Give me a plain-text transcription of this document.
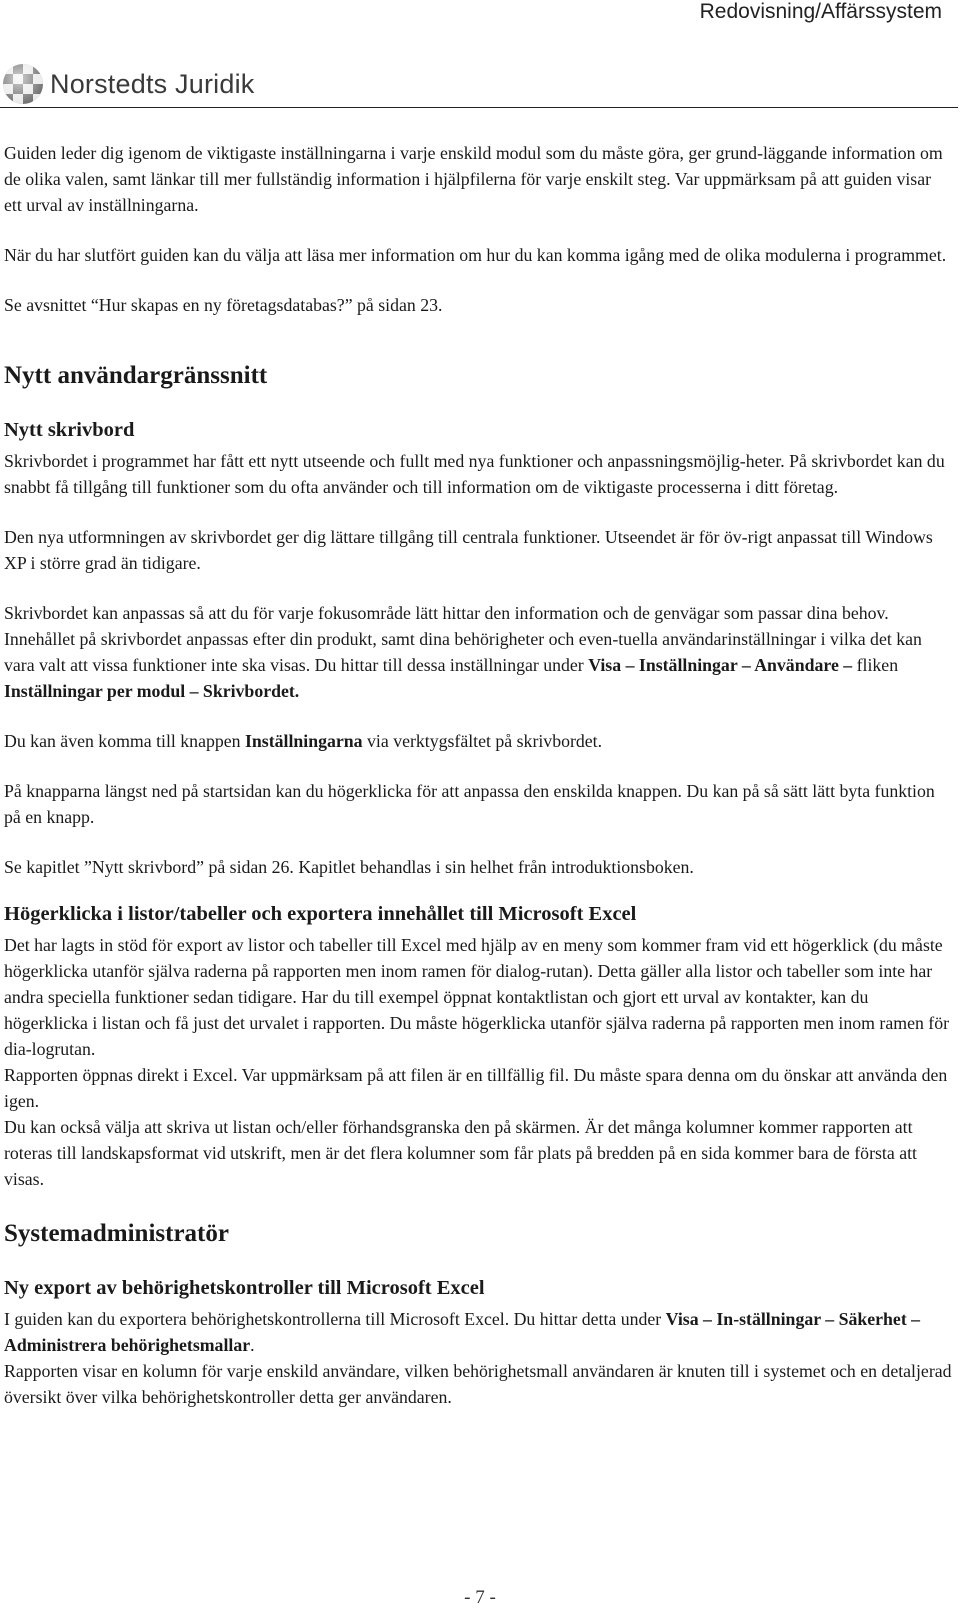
Redovisning/Affärssystem
Norstedts Juridik

Guiden leder dig igenom de viktigaste inställningarna i varje enskild modul som du måste göra, ger grund-läggande information om de olika valen, samt länkar till mer fullständig information i hjälpfilerna för varje enskilt steg. Var uppmärksam på att guiden visar ett urval av inställningarna.

När du har slutfört guiden kan du välja att läsa mer information om hur du kan komma igång med de olika modulerna i programmet.

Se avsnittet “Hur skapas en ny företagsdatabas?” på sidan 23.

Nytt användargränssnitt
Nytt skrivbord

Skrivbordet i programmet har fått ett nytt utseende och fullt med nya funktioner och anpassningsmöjlig-heter. På skrivbordet kan du snabbt få tillgång till funktioner som du ofta använder och till information om de viktigaste processerna i ditt företag.

Den nya utformningen av skrivbordet ger dig lättare tillgång till centrala funktioner. Utseendet är för öv-rigt anpassat till Windows XP i större grad än tidigare.

Skrivbordet kan anpassas så att du för varje fokusområde lätt hittar den information och de genvägar som passar dina behov. Innehållet på skrivbordet anpassas efter din produkt, samt dina behörigheter och even-tuella användarinställningar i vilka det kan vara valt att vissa funktioner inte ska visas. Du hittar till dessa inställningar under Visa – Inställningar – Användare – fliken Inställningar per modul – Skrivbordet.

Du kan även komma till knappen Inställningarna via verktygsfältet på skrivbordet.

På knapparna längst ned på startsidan kan du högerklicka för att anpassa den enskilda knappen. Du kan på så sätt lätt byta funktion på en knapp.

Se kapitlet ”Nytt skrivbord” på sidan 26. Kapitlet behandlas i sin helhet från introduktionsboken.

Högerklicka i listor/tabeller och exportera innehållet till Microsoft Excel

Det har lagts in stöd för export av listor och tabeller till Excel med hjälp av en meny som kommer fram vid ett högerklick (du måste högerklicka utanför själva raderna på rapporten men inom ramen för dialog-rutan). Detta gäller alla listor och tabeller som inte har andra speciella funktioner sedan tidigare. Har du till exempel öppnat kontaktlistan och gjort ett urval av kontakter, kan du högerklicka i listan och få just det urvalet i rapporten. Du måste högerklicka utanför själva raderna på rapporten men inom ramen för dia-logrutan.

Rapporten öppnas direkt i Excel. Var uppmärksam på att filen är en tillfällig fil. Du måste spara denna om du önskar att använda den igen.

Du kan också välja att skriva ut listan och/eller förhandsgranska den på skärmen. Är det många kolumner kommer rapporten att roteras till landskapsformat vid utskrift, men är det flera kolumner som får plats på bredden på en sida kommer bara de första att visas.

Systemadministratör
Ny export av behörighetskontroller till Microsoft Excel

I guiden kan du exportera behörighetskontrollerna till Microsoft Excel. Du hittar detta under Visa – In-ställningar – Säkerhet – Administrera behörighetsmallar.

Rapporten visar en kolumn för varje enskild användare, vilken behörighetsmall användaren är knuten till i systemet och en detaljerad översikt över vilka behörighetskontroller detta ger användaren.

- 7 -
